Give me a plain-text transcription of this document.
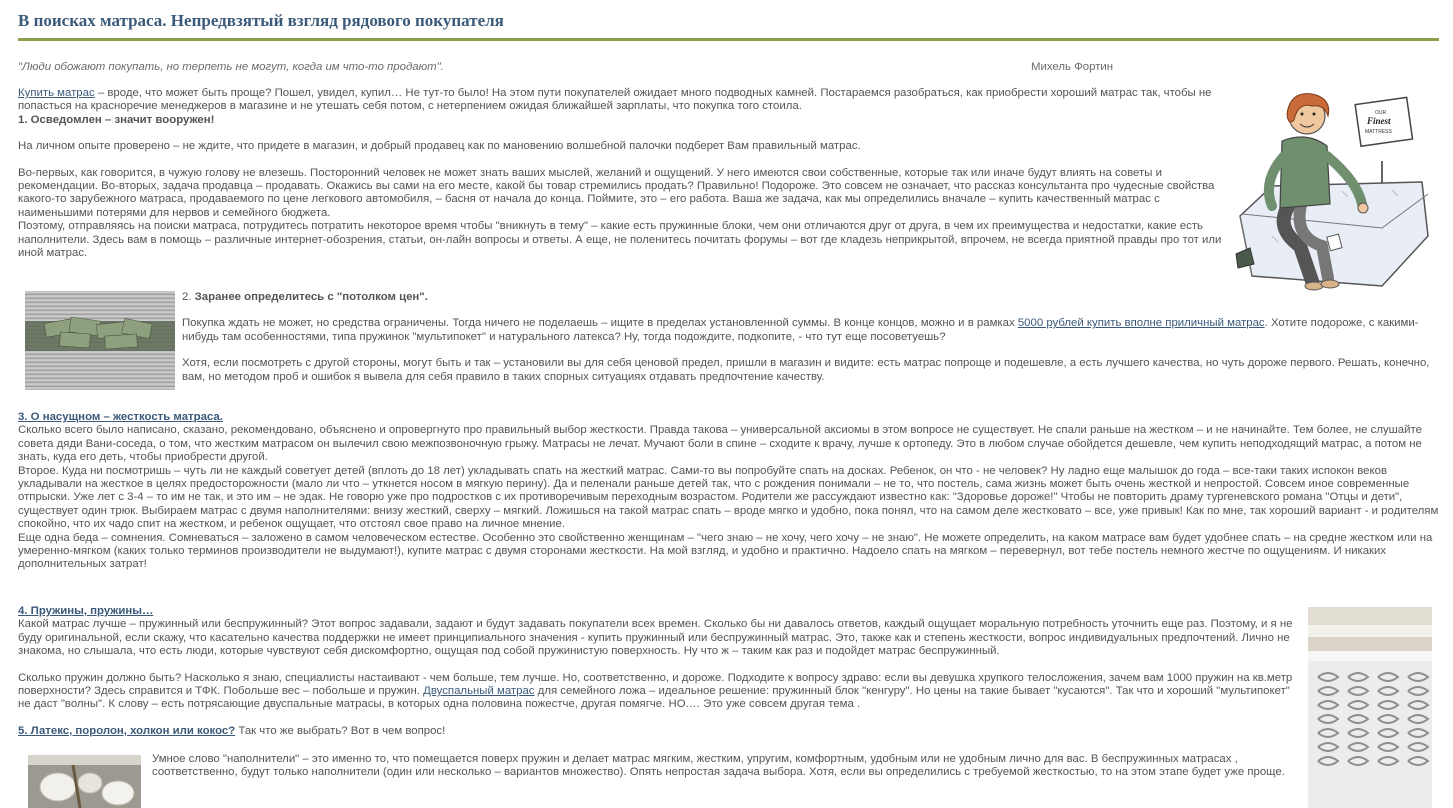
В поисках матраса. Непредвзятый взгляд рядового покупателя
"Люди обожают покупать, но терпеть не могут, когда им что-то продают".	Михель Фортин

Купить матрас – вроде, что может быть проще? Пошел, увидел, купил… Не тут-то было! На этом пути покупателей ожидает много подводных камней. Постараемся разобраться, как приобрести хороший матрас так, чтобы не попасться на красноречие менеджеров в магазине и не утешать себя потом, с нетерпением ожидая ближайшей зарплаты, что покупка того стоила.

1. Осведомлен – значит вооружен!

На личном опыте проверено – не ждите, что придете в магазин, и добрый продавец как по мановению волшебной палочки подберет Вам правильный матрас.

Во-первых, как говорится, в чужую голову не влезешь. Посторонний человек не может знать ваших мыслей, желаний и ощущений. У него имеются свои собственные, которые так или иначе будут влиять на советы и рекомендации. Во-вторых, задача продавца – продавать. Окажись вы сами на его месте, какой бы товар стремились продать? Правильно! Подороже. Это совсем не означает, что рассказ консультанта про чудесные свойства какого-то зарубежного матраса, продаваемого по цене легкового автомобиля, – басня от начала до конца. Поймите, это – его работа. Ваша же задача, как мы определились вначале – купить качественный матрас с наименьшими потерями для нервов и семейного бюджета.

Поэтому, отправляясь на поиски матраса, потрудитесь потратить некоторое время чтобы "вникнуть в тему" – какие есть пружинные блоки, чем они отличаются друг от друга, в чем их преимущества и недостатки, какие есть наполнители. Здесь вам в помощь – различные интернет-обозрения, статьи, он-лайн вопросы и ответы. А еще, не поленитесь почитать форумы – вот где кладезь неприкрытой, впрочем, не всегда приятной правды про тот или иной матрас.

OUR
Finest
MATTRESS

2. Заранее определитесь с "потолком цен".

Покупка ждать не может, но средства ограничены. Тогда ничего не поделаешь – ищите в пределах установленной суммы. В конце концов, можно и в рамках 5000 рублей купить вполне приличный матрас. Хотите подороже, с какими-нибудь там особенностями, типа пружинок "мультипокет" и натурального латекса? Ну, тогда подождите, подкопите, - что тут еще посоветуешь?

Хотя, если посмотреть с другой стороны, могут быть и так – установили вы для себя ценовой предел, пришли в магазин и видите: есть матрас попроще и подешевле, а есть лучшего качества, но чуть дороже первого. Решать, конечно, вам, но методом проб и ошибок я вывела для себя правило в таких спорных ситуациях отдавать предпочтение качеству.

3. О насущном – жесткость матраса.

Сколько всего было написано, сказано, рекомендовано, объяснено и опровергнуто про правильный выбор жесткости. Правда такова – универсальной аксиомы в этом вопросе не существует. Не спали раньше на жестком – и не начинайте. Тем более, не слушайте совета дяди Вани-соседа, о том, что жестким матрасом он вылечил свою межпозвоночную грыжу. Матрасы не лечат. Мучают боли в спине – сходите к врачу, лучше к ортопеду. Это в любом случае обойдется дешевле, чем купить неподходящий матрас, а потом не знать, куда его деть, чтобы приобрести другой.

Второе. Куда ни посмотришь – чуть ли не каждый советует детей (вплоть до 18 лет) укладывать спать на жесткий матрас. Сами-то вы попробуйте спать на досках. Ребенок, он что - не человек? Ну ладно еще малышок до года – все-таки таких испокон веков укладывали на жесткое в целях предосторожности (мало ли что – уткнется носом в мягкую перину). Да и пеленали раньше детей так, что с рождения понимали – не то, что постель, сама жизнь может быть очень жесткой и непростой. Совсем иное современные отпрыски. Уже лет с 3-4 – то им не так, и это им – не эдак. Не говорю уже про подростков с их противоречивым переходным возрастом. Родители же рассуждают известно как: "Здоровье дороже!" Чтобы не повторить драму тургеневского романа "Отцы и дети", существует один трюк. Выбираем матрас с двумя наполнителями: внизу жесткий, сверху – мягкий. Ложишься на такой матрас спать – вроде мягко и удобно, пока понял, что на самом деле жестковато – все, уже привык! Как по мне, так хороший вариант - и родителям спокойно, что их чадо спит на жестком, и ребенок ощущает, что отстоял свое право на личное мнение.

Еще одна беда – сомнения. Сомневаться – заложено в самом человеческом естестве. Особенно это свойственно женщинам – "чего знаю – не хочу, чего хочу – не знаю". Не можете определить, на каком матрасе вам будет удобнее спать – на средне жестком или на умеренно-мягком (каких только терминов производители не выдумают!), купите матрас с двумя сторонами жесткости. На мой взгляд, и удобно и практично. Надоело спать на мягком – перевернул, вот тебе постель немного жестче по ощущениям. И никаких дополнительных затрат!

4. Пружины, пружины…

Какой матрас лучше – пружинный или беспружинный? Этот вопрос задавали, задают и будут задавать покупатели всех времен. Сколько бы ни давалось ответов, каждый ощущает моральную потребность уточнить еще раз. Поэтому, и я не буду оригинальной, если скажу, что касательно качества поддержки не имеет принципиального значения - купить пружинный или беспружинный матрас. Это, также как и степень жесткости, вопрос индивидуальных предпочтений. Лично не знакома, но слышала, что есть люди, которые чувствуют себя дискомфортно, ощущая под собой пружинистую поверхность. Ну что ж – таким как раз и подойдет матрас беспружинный.

Сколько пружин должно быть? Насколько я знаю, специалисты настаивают - чем больше, тем лучше. Но, соответственно, и дороже. Подходите к вопросу здраво: если вы девушка хрупкого телосложения, зачем вам 1000 пружин на кв.метр поверхности? Здесь справится и ТФК. Побольше вес – побольше и пружин. Двуспальный матрас для семейного ложа – идеальное решение: пружинный блок "кенгуру". Но цены на такие бывает "кусаются". Так что и хороший "мультипокет" не даст "волны". К слову – есть потрясающие двуспальные матрасы, в которых одна половина пожестче, другая помягче. НО.… Это уже совсем другая тема .

5. Латекс, поролон, холкон или кокос? Так что же выбрать? Вот в чем вопрос!

Умное слово "наполнители" – это именно то, что помещается поверх пружин и делает матрас мягким, жестким, упругим, комфортным, удобным или не удобным лично для вас. В беспружинных матрасах , соответственно, будут только наполнители (один или несколько – вариантов множество). Опять непростая задача выбора. Хотя, если вы определились с требуемой жесткостью, то на этом этапе будет уже проще.
